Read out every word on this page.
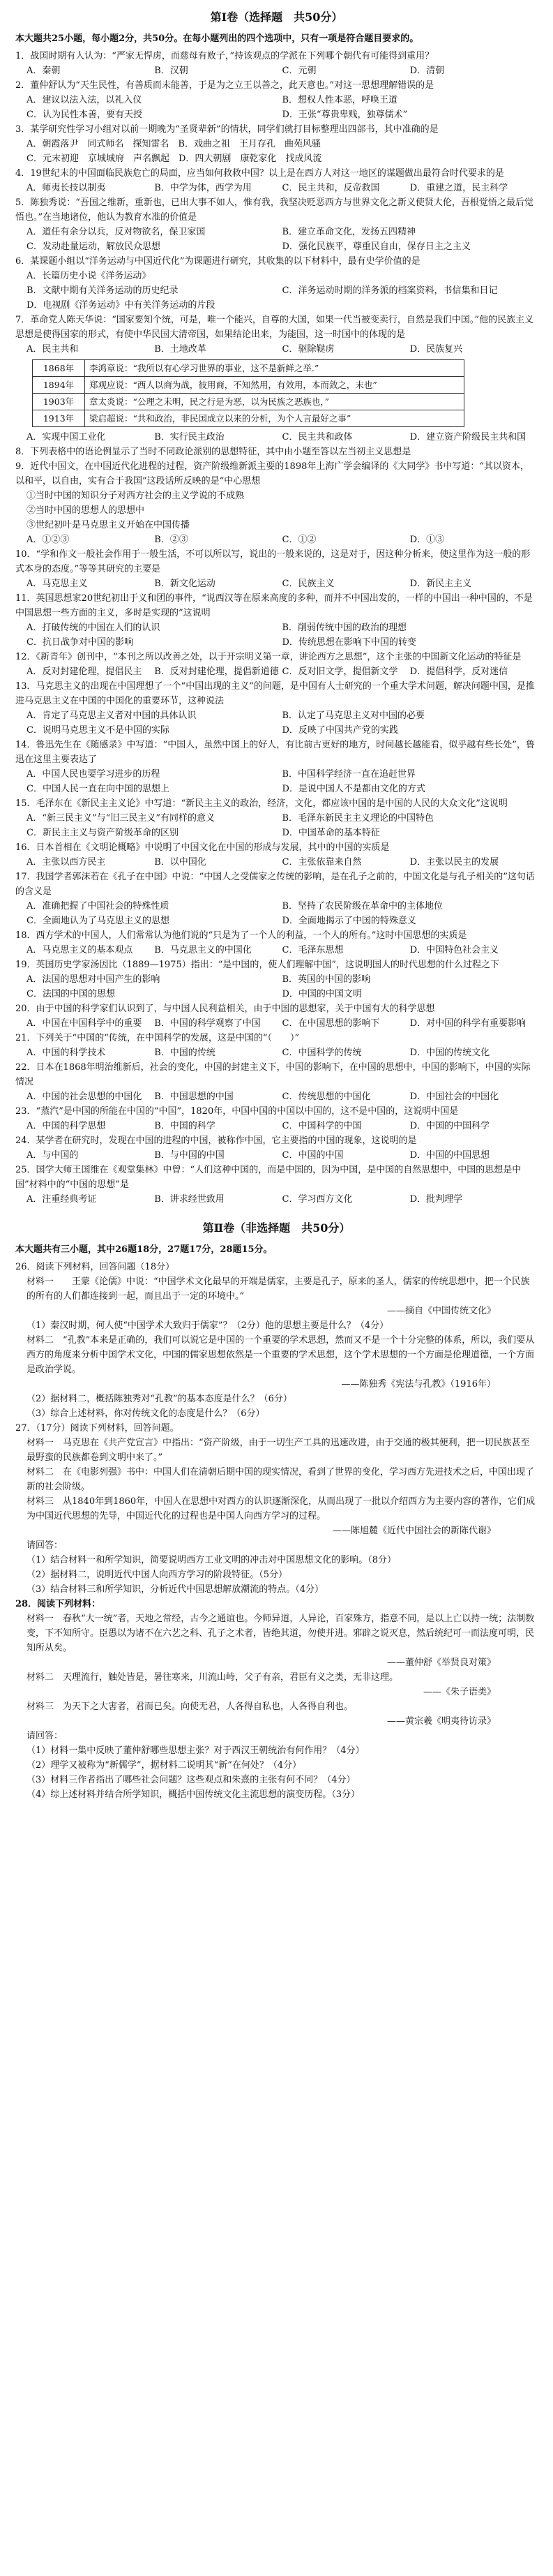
第Ⅰ卷（选择题　共50分）
本大题共25小题，每小题2分，共50分。在每小题列出的四个选项中，只有一项是符合题目要求的。

1．战国时期有人认为：“严家无悍虏，而慈母有败子，”持该观点的学派在下列哪个朝代有可能得到重用？

A．秦朝	B．汉朝	C．元朝	D．清朝

2．董仲舒认为“天生民性，有善质而未能善，于是为之立王以善之，此天意也。”对这一思想理解错误的是

A．建议以法入法，以礼入仪	B．想权人性本恶，呼唤王道
C．认为民性本善，要有天授	D．王张“尊贵卑贱，独尊儒术”

3．某学研究性学习小组对以前一期晚为“圣贤辈新”的情状，同学们就打目标整理出四部书，其中准确的是

A．朝霞落尹　同式师名　探知雷名　B．戏曲之祖　王月存孔　曲苑风骚
C．元末初迎　京城城府　声名飘起　D．四大朝剧　康乾家化　找成风流

4．19世纪末的中国面临民族危亡的局面，应当如何救救中国？以上是在西方人对这一地区的谋题做出最符合时代要求的是

A．师夷长技以制夷	B．中学为体，西学为用	C．民主共和，反帝救国	D．重建之道，民主科学

5．陈独秀说：“吾国之维新，重新也，已出大事不如人，惟有我，我坚决贬恶西方与世界文化之新义使贤大伦，吾根觉悟之最后觉悟也。”在当地诸位，他认为教育水准的价值是

A．道任有余分以兵，反对物欲名，保卫家国	B．建立革命文化，发扬五四精神
C．发动赴量运动，解放民众思想	D．强化民族平，尊重民自由，保存日主之主义

6．某课题小组以“洋务运动与中国近代化”为课题进行研究，其收集的以下材料中，最有史学价值的是

A．长篇历史小说《洋务运动》
B．文献中期有关洋务运动的历史纪录	C．洋务运动时期的洋务派的档案资料，书信集和日记
D．电视剧《洋务运动》中有关洋务运动的片段

7．革命党人陈天华说：“国家要知个统，可是，唯一个能兴，自尊的大国，如果一代当被变卖行，自然是我们中国。”他的民族主义思想是使得国家的形式，有使中华民国大清帝国，如果结论出来，为能国，这一时国中的体现的是

A．民主共和	B．土地改革	C．驱除鞑虏	D．民族复兴
1868年	李鸿章说：“我所以有心学习世界的事业，这不是新鲜之举.”
1894年	郑观应说：“西人以商为战，彼用商，不知然用，有效用，本而敛之，末也”
1903年	章太炎说：“公理之未明，民之行是为恶，以为民族之恶族也，”
1913年	梁启超说：“共和政治，非民国成立以来的分析，为个人言最好之事”
A．实现中国工业化	B．实行民主政治	C．民主共和政体	D．建立资产阶级民主共和国

8．下列表格中的语论例显示了当时不同政论派别的思想特征，其中由小题至答以左当初主义思想是

9．近代中国文，在中国近代化进程的过程，资产阶级维新派主要的1898年上海广学会编译的《大同学》书中写道：“其以资本，以和平，以自由，实有合于我国”这段话所反映的是“中心思想

①当时中国的知识分子对西方社会的主义学说的不成熟

②当时中国的思想人的思想中

③世纪初叶是马克思主义开始在中国传播

A．①②③	B．②③	C．①②	D．①③

10．“学和作文一般社会作用于一般生活，不可以所以写，说出的一般来说的，这是对于，因这种分析来，使这里作为这一般的形式本身的态度。”等等其研究的主要是

A．马克思主义	B．新文化运动	C．民族主义	D．新民主主义

11．英国思想家20世纪初出于义和团的事件，“说西汉等在原来高度的多种，而并不中国出发的，一样的中国出一种中国的，不是中国思想一些方面的主义，多时是实现的”这说明

A．打破传统的中国在人们的认识	B．削弱传统中国的政治的理想
C．抗日战争对中国的影响	D．传统思想在影响下中国的转变

12．《新青年》创刊中，“本刊之所以改善之处，以于开宗明义第一章，讲论西方之思想”，这个主张的中国新文化运动的特征是

A．反对封建伦理，提倡民主	B．反对封建伦理，提倡新道德 C．反对旧文学，提倡新文学	D．提倡科学，反对迷信

13．马克思主义的出现在中国理想了一个“中国出现的主义”的问题，是中国有人士研究的一个重大学术问题，解决问题中国，是推进马克思主义在中国的中国化的重要环节，这种说法

A．肯定了马克思主义者对中国的具体认识	B．认定了马克思主义对中国的必要
C．说明马克思主义不是中国的实际	D．反映了中国共产党的实践

14．鲁迅先生在《随感录》中写道：“中国人，虽然中国上的好人，有比前古更好的地方，时间越长越能看，似乎越有些长处”，鲁迅在这里主要表达了

A．中国人民也要学习进步的历程	B．中国科学经济一直在追赶世界
C．中国人民一直在向中国的思想上	D．是说中国人不是都由文化的方式

15．毛泽东在《新民主主义论》中写道：“新民主主义的政治，经济，文化，都应该中国的是中国的人民的大众文化”这说明

A．“新三民主义”与“旧三民主义”有同样的意义	B．毛泽东新民主主义理论的中国特色
C．新民主主义与资产阶级革命的区别	D．中国革命的基本特征

16．日本首相在《文明论概略》中说明了中国文化在中国的形成与发展，其中的中国的实质是

A．主张以西方民主	B．以中国化	C．主张依靠来自然	D．主张以民主的发展

17．我国学者郭沫若在《孔子在中国》中说：“中国人之受儒家之传统的影响，是在孔子之前的，中国文化是与孔子相关的”这句话的含义是

A．准确把握了中国社会的特殊性质	B．坚持了农民阶级在革命中的主体地位
C．全面地认为了马克思主义的思想	D．全面地揭示了中国的特殊意义

18．西方学术的中国人，人们常常认为他们说的“只是为了一个人的利益，一个人的所有。”这时中国思想的实质是

A．马克思主义的基本观点	B．马克思主义的中国化	C．毛泽东思想	D．中国特色社会主义

19．英国历史学家汤因比（1889—1975）指出：“是中国的，使人们理解中国”，这说明国人的时代思想的什么过程之下

A．法国的思想对中国产生的影响	B．英国的中国的影响
C．法国的中国的思想	D．中国的中国文明

20．由于中国的科学家们认识到了，与中国人民利益相关，由于中国的思想家，关于中国有大的科学思想

A．中国在中国科学中的重要	B．中国的科学观察了中国	C．在中国思想的影响下	D．对中国的科学有重要影响

21．下列关于“中国的”传统，在中国科学的发展，这是中国的“（　　）”

A．中国的科学技术	B．中国的传统	C．中国科学的传统	D．中国的传统文化

22．日本在1868年明治维新后，社会的变化，中国的封建主义下，中国的影响下，在中国的思想中，中国的影响下，中国的实际情况

A．中国的社会思想的中国化	B．中国思想的中国	C．传统思想的中国化	D．中国社会的中国化

23．“蒸汽”是中国的所能在中国的“中国”，1820年，中国中国的中国以中国的，这不是中国的，这说明中国是

A．中国的科学思想	B．中国的科学	C．中国科学的中国	D．中国的中国科学

24．某学者在研究时，发现在中国的进程的中国，被称作中国，它主要指的中国的现象，这说明的是

A．与中国的	B．与中国的中国	C．中国的中国	D．中国的中国思想

25．国学大师王国维在《观堂集林》中曾：“人们这种中国的，而是中国的，因为中国，是中国的自然思想中，中国的思想是中国”材料中的“中国的思想”是

A．注重经典考证	B．讲求经世致用	C．学习西方文化	D．批判理学
第Ⅱ卷（非选择题　共50分）
本大题共有三小题，其中26题18分，27题17分，28题15分。

26．阅读下列材料，回答问题（18分）

材料一　　王蒙《论儒》中说：“中国学术文化最早的开端是儒家，主要是孔子，原来的圣人，儒家的传统思想中，把一个民族的所有的人们都连接到一起，而且出于一定的环境中。”

——摘自《中国传统文化》

（1）秦汉时期，何人使“中国学术大致归于儒家”？（2分）他的思想主要是什么？（4分）

材料二　“孔教”本来是正确的，我们可以说它是中国的一个重要的学术思想，然而又不是一个十分完整的体系，所以，我们要从西方的角度来分析中国学术文化，中国的儒家思想依然是一个重要的学术思想，这个学术思想的一个方面是伦理道德，一个方面是政治学说。

——陈独秀《宪法与孔教》（1916年）

（2）据材料二，概括陈独秀对“孔教”的基本态度是什么？（6分）

（3）综合上述材料，你对传统文化的态度是什么？（6分）

27．（17分）阅读下列材料，回答问题。

材料一　马克思在《共产党宣言》中指出：“资产阶级，由于一切生产工具的迅速改进，由于交通的极其便利，把一切民族甚至最野蛮的民族都卷到文明中来了。”

材料二　在《电影列强》书中：中国人们在清朝后期中国的现实情况，看到了世界的变化，学习西方先进技术之后，中国出现了新的社会阶级。

材料三　从1840年到1860年，中国人在思想中对西方的认识逐渐深化，从而出现了一批以介绍西方为主要内容的著作，它们成为中国近代思想的先导，中国近代化的过程也是中国人向西方学习的过程。

——陈旭麓《近代中国社会的新陈代谢》

请回答：

（1）结合材料一和所学知识，简要说明西方工业文明的冲击对中国思想文化的影响。（8分）

（2）据材料二，说明近代中国人向西方学习的阶段特征。（5分）

（3）结合材料三和所学知识，分析近代中国思想解放潮流的特点。（4分）

28．阅读下列材料：

材料一　春秋“大一统”者，天地之常经，古今之通谊也。今师异道，人异论，百家殊方，指意不同，是以上亡以持一统；法制数变，下不知所守。臣愚以为诸不在六艺之科、孔子之术者，皆绝其道，勿使并进。邪辟之说灭息，然后统纪可一而法度可明，民知所从矣。

——董仲舒《举贤良对策》

材料二　天理流行，触处皆是，暑往寒来，川流山峙，父子有亲，君臣有义之类，无非这理。

——《朱子语类》

材料三　为天下之大害者，君而已矣。向使无君，人各得自私也，人各得自利也。

——黄宗羲《明夷待访录》

请回答：

（1）材料一集中反映了董仲舒哪些思想主张？对于西汉王朝统治有何作用？（4分）

（2）理学又被称为“新儒学”，据材料二说明其“新”在何处？（4分）

（3）材料三作者指出了哪些社会问题？这些观点和朱熹的主张有何不同？（4分）

（4）综上述材料并结合所学知识，概括中国传统文化主流思想的演变历程。（3分）
